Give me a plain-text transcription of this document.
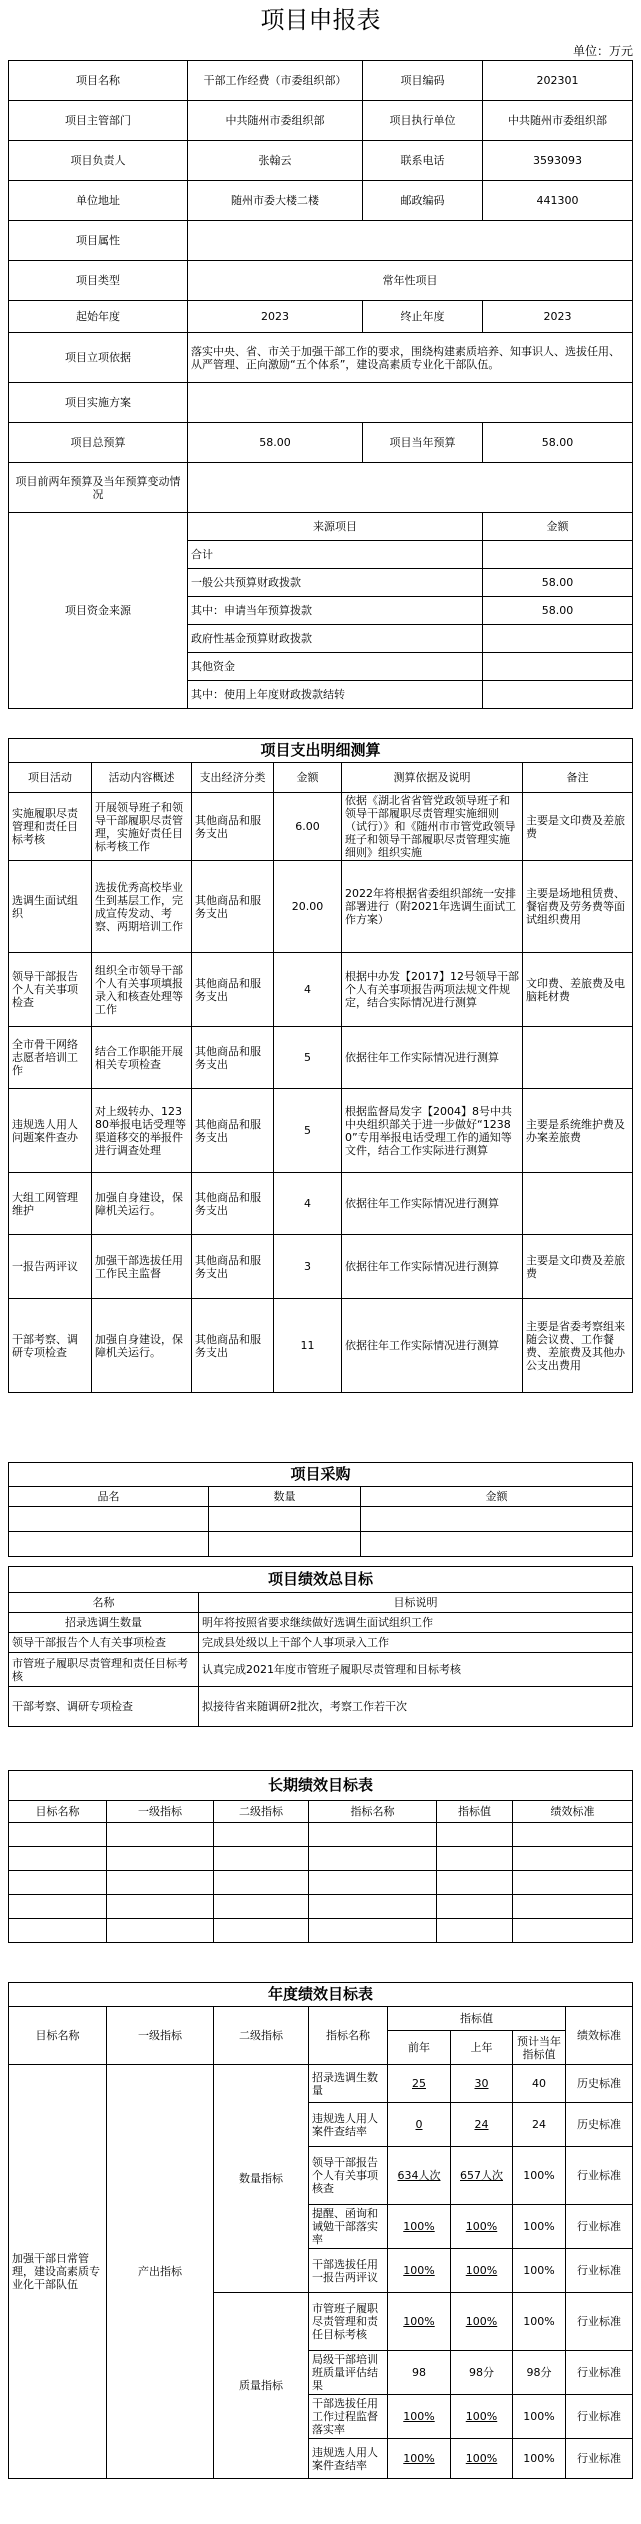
项目申报表
单位：万元
项目名称	干部工作经费（市委组织部）	项目编码	202301
项目主管部门	中共随州市委组织部	项目执行单位	中共随州市委组织部
项目负责人	张翰云	联系电话	3593093
单位地址	随州市委大楼二楼	邮政编码	441300
项目属性			
项目类型	常年性项目		
起始年度	2023	终止年度	2023
项目立项依据	落实中央、省、市关于加强干部工作的要求，围绕构建素质培养、知事识人、选拔任用、从严管理、正向激励“五个体系”，建设高素质专业化干部队伍。		
项目实施方案			
项目总预算	58.00	项目当年预算	58.00
项目前两年预算及当年预算变动情况			
项目资金来源	来源项目		金额
	合计		
	一般公共预算财政拨款		58.00
	其中：申请当年预算拨款		58.00
	政府性基金预算财政拨款		
	其他资金		
	其中：使用上年度财政拨款结转		
项目支出明细测算					
项目活动	活动内容概述	支出经济分类	金额	测算依据及说明	备注
实施履职尽责管理和责任目标考核	开展领导班子和领导干部履职尽责管理，实施好责任目标考核工作	其他商品和服务支出	6.00	依据《湖北省省管党政领导班子和领导干部履职尽责管理实施细则（试行）》和《随州市市管党政领导班子和领导干部履职尽责管理实施细则》组织实施	主要是文印费及差旅费
选调生面试组织	选拔优秀高校毕业生到基层工作，完成宣传发动、考察、两期培训工作	其他商品和服务支出	20.00	2022年将根据省委组织部统一安排部署进行（附2021年选调生面试工作方案）	主要是场地租赁费、餐宿费及劳务费等面试组织费用
领导干部报告个人有关事项检查	组织全市领导干部个人有关事项填报录入和核查处理等工作	其他商品和服务支出	4	根据中办发【2017】12号领导干部个人有关事项报告两项法规文件规定，结合实际情况进行测算	文印费、差旅费及电脑耗材费
全市骨干网络志愿者培训工作	结合工作职能开展相关专项检查	其他商品和服务支出	5	依据往年工作实际情况进行测算	
违规选人用人问题案件查办	对上级转办、12380举报电话受理等渠道移交的举报件进行调查处理	其他商品和服务支出	5	根据监督局发字【2004】8号中共中央组织部关于进一步做好“12380”专用举报电话受理工作的通知等文件，结合工作实际进行测算	主要是系统维护费及办案差旅费
大组工网管理维护	加强自身建设，保障机关运行。	其他商品和服务支出	4	依据往年工作实际情况进行测算	
一报告两评议	加强干部选拔任用工作民主监督	其他商品和服务支出	3	依据往年工作实际情况进行测算	主要是文印费及差旅费
干部考察、调研专项检查	加强自身建设，保障机关运行。	其他商品和服务支出	11	依据往年工作实际情况进行测算	主要是省委考察组来随会议费、工作餐费、差旅费及其他办公支出费用
项目采购		
品名	数量	金额

项目绩效总目标	
名称	目标说明
招录选调生数量	明年将按照省要求继续做好选调生面试组织工作
领导干部报告个人有关事项检查	完成县处级以上干部个人事项录入工作
市管班子履职尽责管理和责任目标考核	认真完成2021年度市管班子履职尽责管理和目标考核
干部考察、调研专项检查	拟接待省来随调研2批次，考察工作若干次
长期绩效目标表					
目标名称	一级指标	二级指标	指标名称	指标值	绩效标准

年度绩效目标表							
目标名称	一级指标	二级指标	指标名称	指标值			绩效标准
				前年	上年	预计当年指标值	
加强干部日常管理，建设高素质专业化干部队伍	产出指标	数量指标	招录选调生数量	25	30	40	历史标准
			违规选人用人案件查结率	0	24	24	历史标准
			领导干部报告个人有关事项核查	634人次	657人次	100%	行业标准
			提醒、函询和诫勉干部落实率	100%	100%	100%	行业标准
			干部选拔任用一报告两评议	100%	100%	100%	行业标准
		质量指标	市管班子履职尽责管理和责任目标考核	100%	100%	100%	行业标准
			局级干部培训班质量评估结果	98	98分	98分	行业标准
			干部选拔任用工作过程监督落实率	100%	100%	100%	行业标准
			违规选人用人案件查结率	100%	100%	100%	行业标准
